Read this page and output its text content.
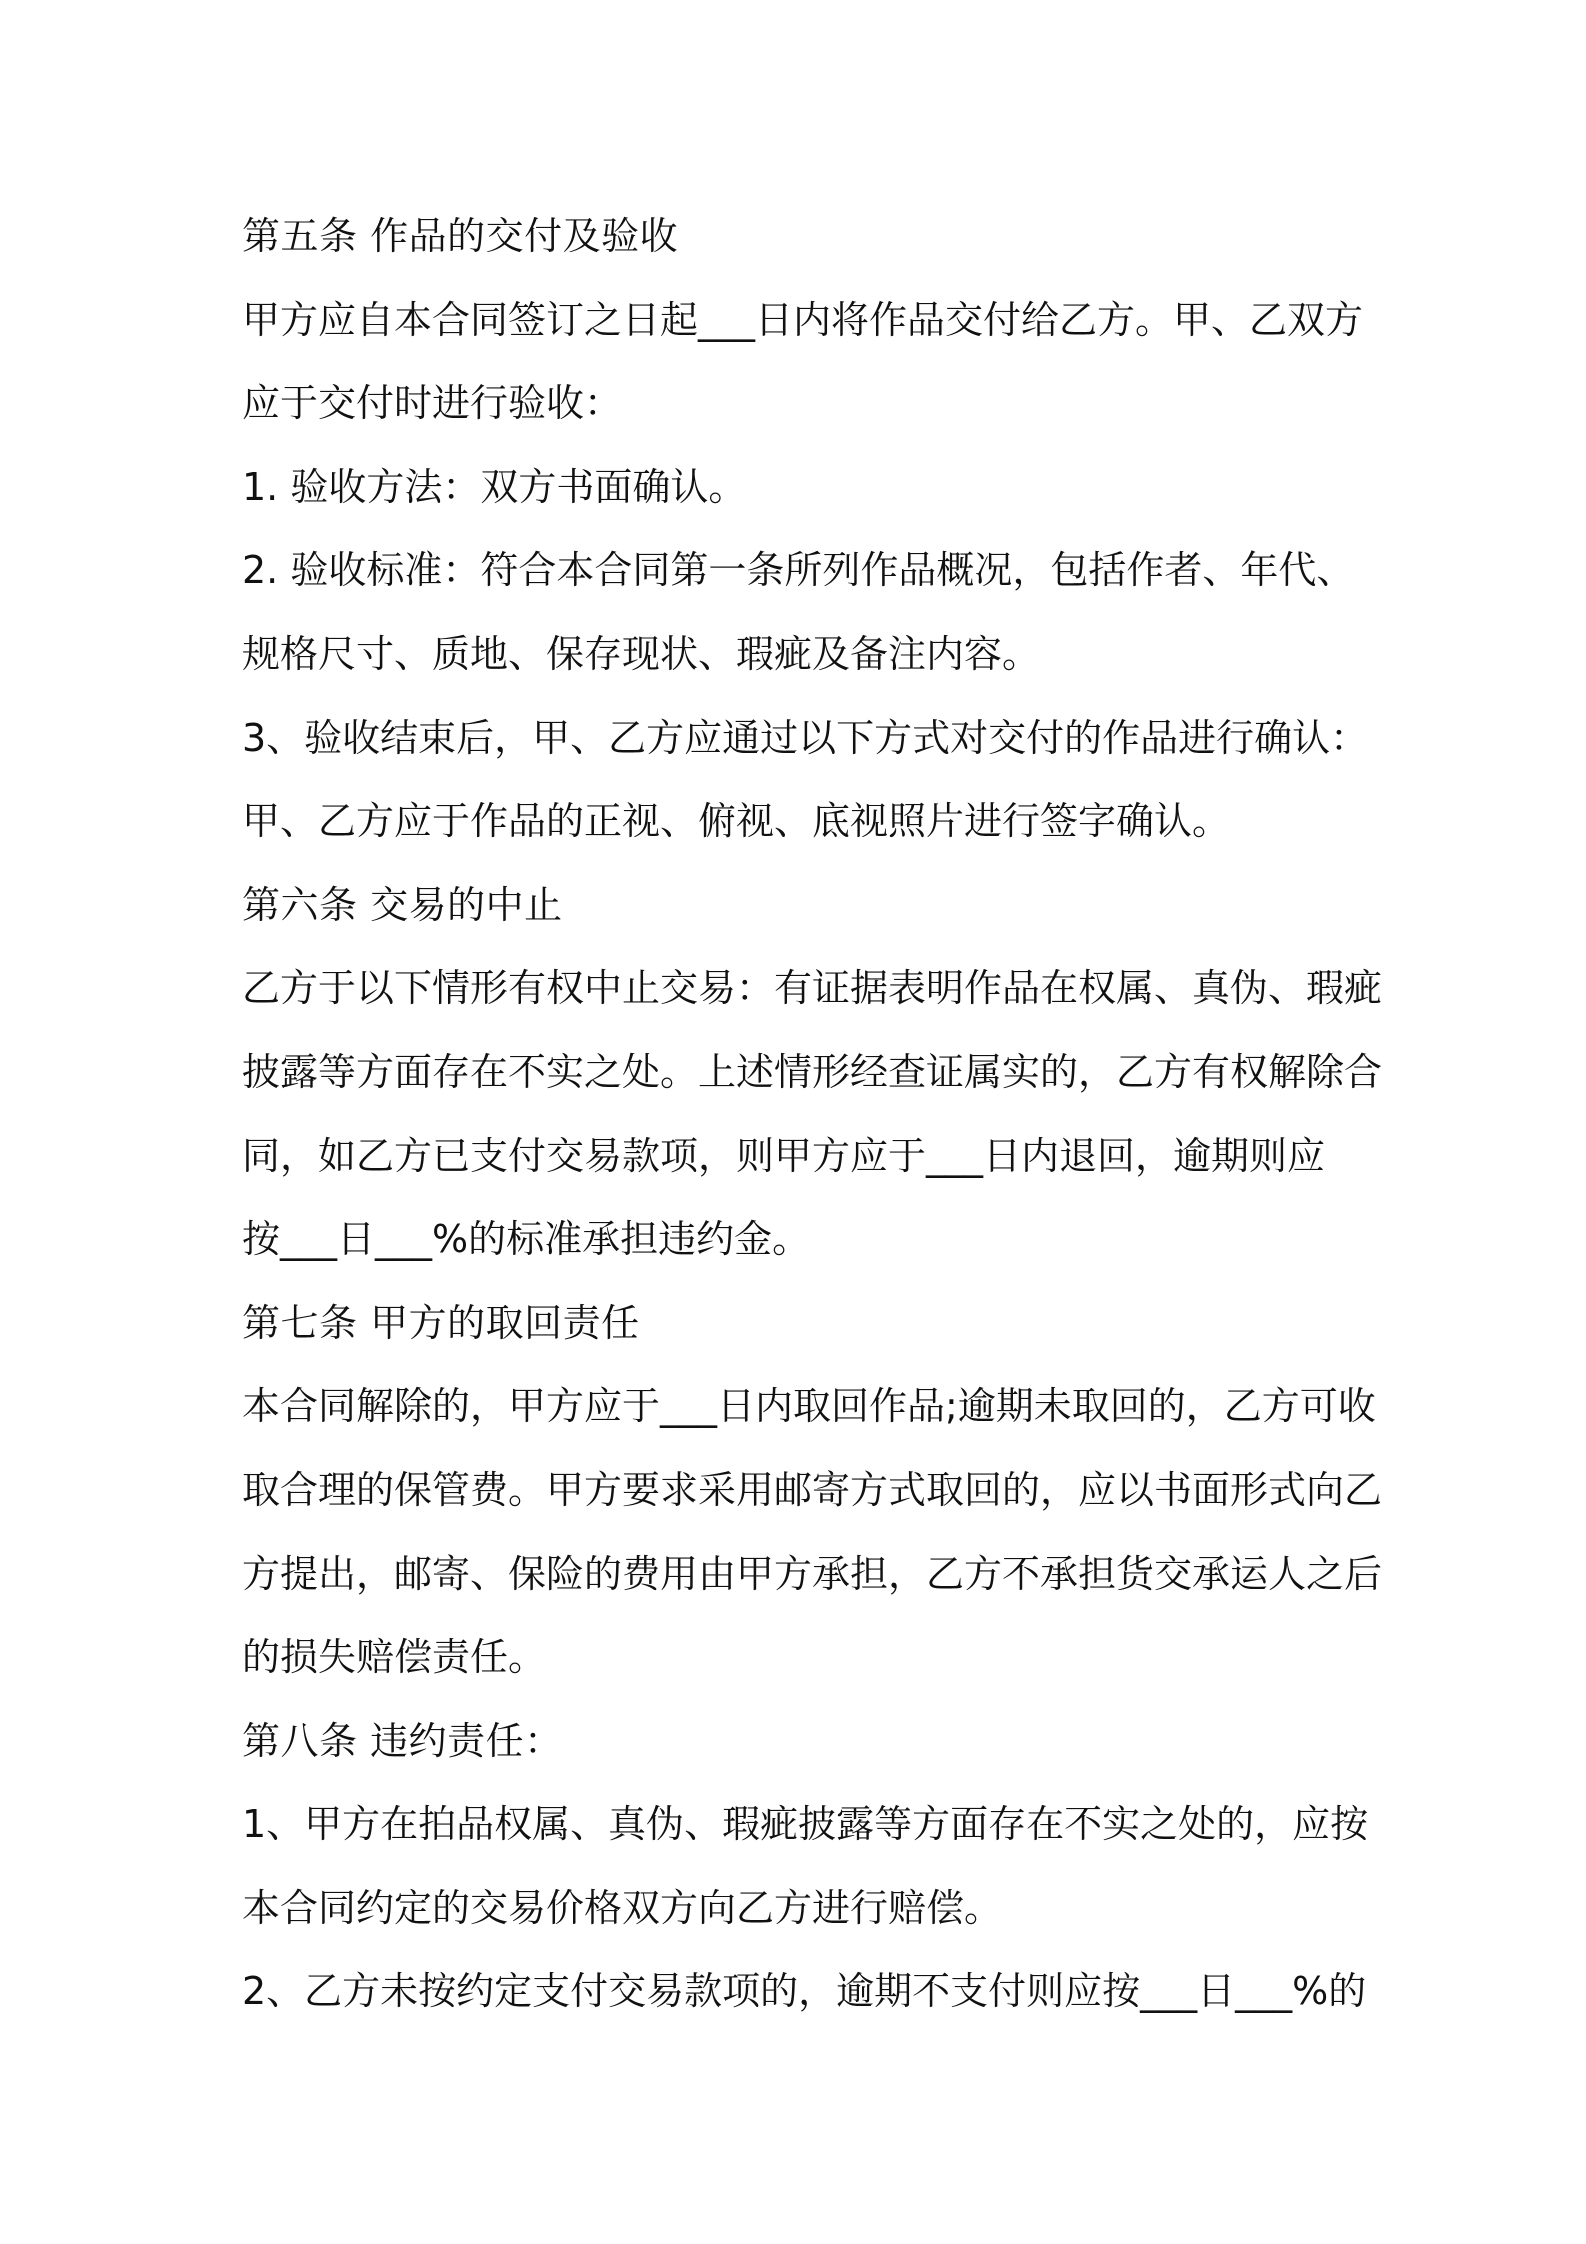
第五条 作品的交付及验收

甲方应自本合同签订之日起___日内将作品交付给乙方。甲、乙双方

应于交付时进行验收：

1. 验收方法：双方书面确认。

2. 验收标准：符合本合同第一条所列作品概况，包括作者、年代、

规格尺寸、质地、保存现状、瑕疵及备注内容。

3、验收结束后，甲、乙方应通过以下方式对交付的作品进行确认：

甲、乙方应于作品的正视、俯视、底视照片进行签字确认。

第六条 交易的中止

乙方于以下情形有权中止交易：有证据表明作品在权属、真伪、瑕疵

披露等方面存在不实之处。上述情形经查证属实的，乙方有权解除合

同，如乙方已支付交易款项，则甲方应于___日内退回，逾期则应

按___日___%的标准承担违约金。

第七条 甲方的取回责任

本合同解除的，甲方应于___日内取回作品;逾期未取回的，乙方可收

取合理的保管费。甲方要求采用邮寄方式取回的，应以书面形式向乙

方提出，邮寄、保险的费用由甲方承担，乙方不承担货交承运人之后

的损失赔偿责任。

第八条 违约责任：

1、甲方在拍品权属、真伪、瑕疵披露等方面存在不实之处的，应按

本合同约定的交易价格双方向乙方进行赔偿。

2、乙方未按约定支付交易款项的，逾期不支付则应按___日___%的
